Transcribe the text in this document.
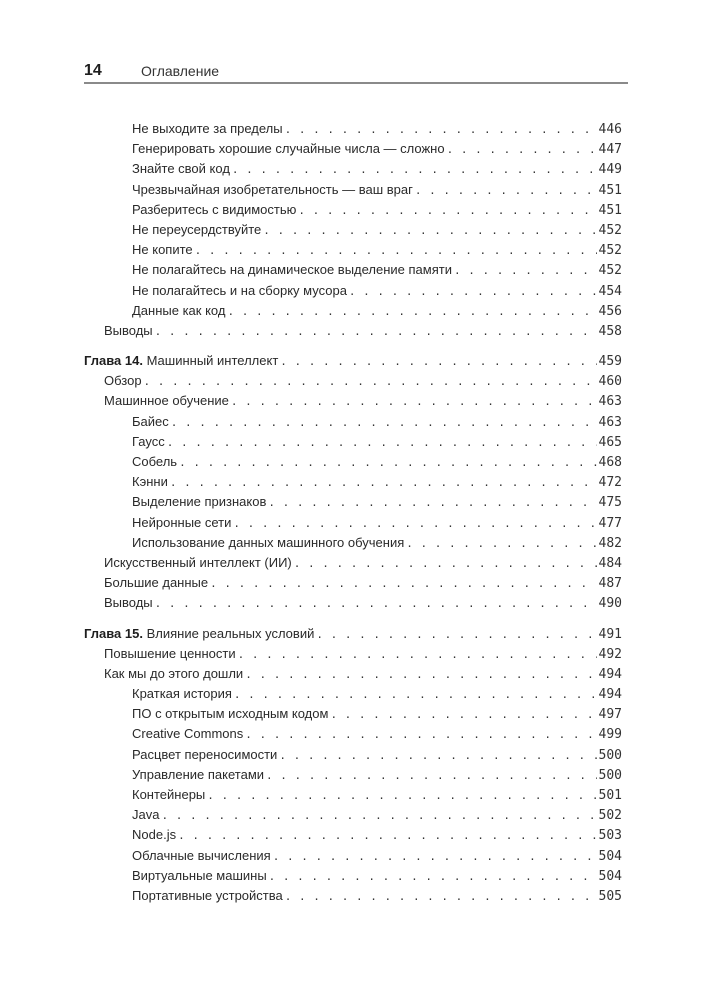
14	Оглавление
Не выходите за пределы . . .	446
Генерировать хорошие случайные числа — сложно . . .	447
Знайте свой код . . .	449
Чрезвычайная изобретательность — ваш враг . . .	451
Разберитесь с видимостью . . .	451
Не переусердствуйте . . .	452
Не копите . . .	452
Не полагайтесь на динамическое выделение памяти . . .	452
Не полагайтесь и на сборку мусора . . .	454
Данные как код . . .	456
Выводы . . .	458
Глава 14. Машинный интеллект . . .	459
Обзор . . .	460
Машинное обучение . . .	463
Байес . . .	463
Гаусс . . .	465
Собель . . .	468
Кэнни . . .	472
Выделение признаков . . .	475
Нейронные сети . . .	477
Использование данных машинного обучения . . .	482
Искусственный интеллект (ИИ) . . .	484
Большие данные . . .	487
Выводы . . .	490
Глава 15. Влияние реальных условий . . .	491
Повышение ценности . . .	492
Как мы до этого дошли . . .	494
Краткая история . . .	494
ПО с открытым исходным кодом . . .	497
Creative Commons . . .	499
Расцвет переносимости . . .	500
Управление пакетами . . .	500
Контейнеры . . .	501
Java . . .	502
Node.js . . .	503
Облачные вычисления . . .	504
Виртуальные машины . . .	504
Портативные устройства . . .	505
